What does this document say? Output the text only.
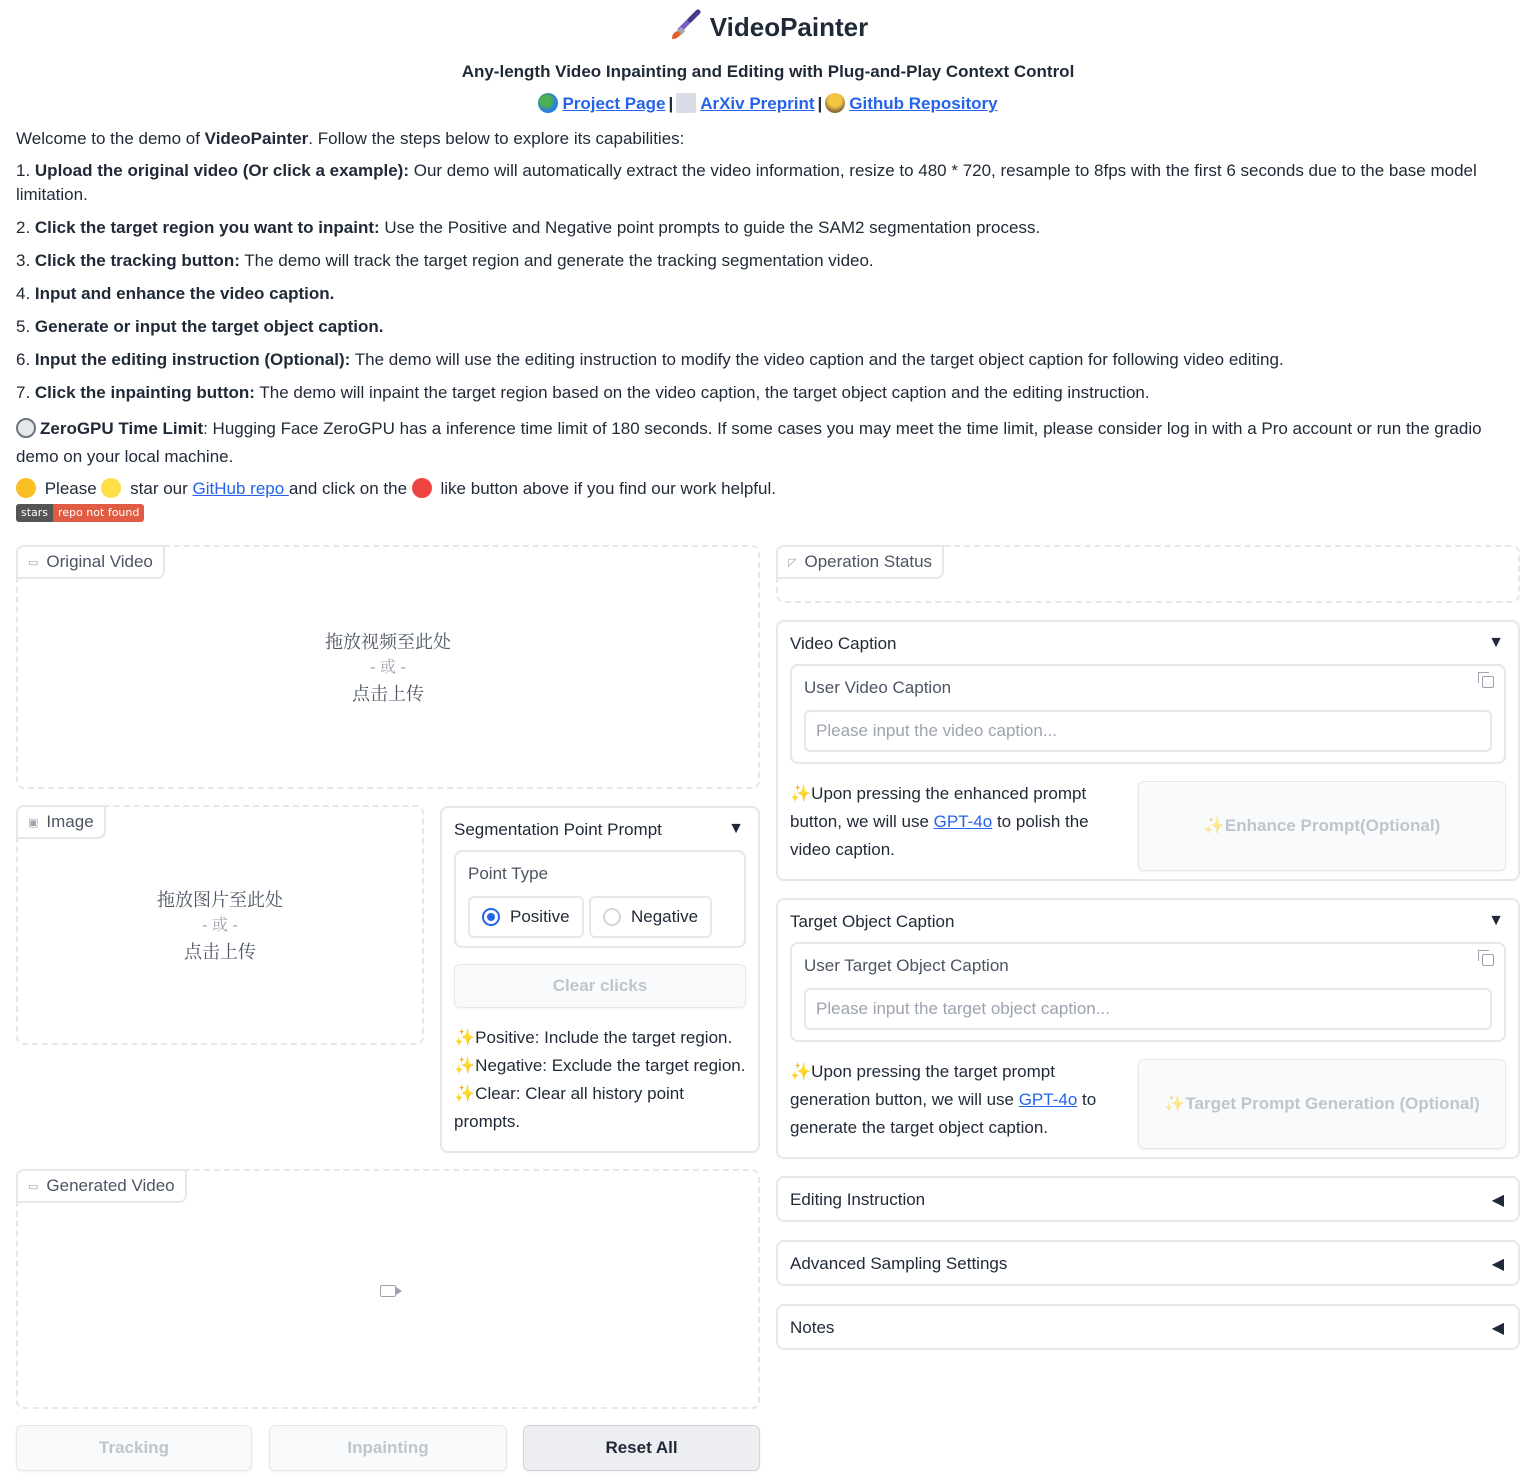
VideoPainter
Any-length Video Inpainting and Editing with Plug-and-Play Context Control
Project Page | ArXiv Preprint | Github Repository
Welcome to the demo of VideoPainter. Follow the steps below to explore its capabilities:
1. Upload the original video (Or click a example): Our demo will automatically extract the video information, resize to 480 * 720, resample to 8fps with the first 6 seconds due to the base model limitation.
2. Click the target region you want to inpaint: Use the Positive and Negative point prompts to guide the SAM2 segmentation process.
3. Click the tracking button: The demo will track the target region and generate the tracking segmentation video.
4. Input and enhance the video caption.
5. Generate or input the target object caption.
6. Input the editing instruction (Optional): The demo will use the editing instruction to modify the video caption and the target object caption for following video editing.
7. Click the inpainting button: The demo will inpaint the target region based on the video caption, the target object caption and the editing instruction.
ZeroGPU Time Limit: Hugging Face ZeroGPU has a inference time limit of 180 seconds. If some cases you may meet the time limit, please consider log in with a Pro account or run the gradio demo on your local machine.
Please  star our GitHub repo and click on the  like button above if you find our work helpful.
stars repo not found
▭ Original Video
拖放视频至此处
- 或 -
点击上传
▣ Image
拖放图片至此处
- 或 -
点击上传
Segmentation Point Prompt	▼
Point Type
Positive	Negative
Clear clicks
✨Positive: Include the target region.
✨Negative: Exclude the target region.
✨Clear: Clear all history point prompts.
▭ Generated Video
Tracking	Inpainting	Reset All
◸ Operation Status
Video Caption	▼
User Video Caption
Please input the video caption...
✨Upon pressing the enhanced prompt button, we will use GPT-4o to polish the video caption.
✨ Enhance Prompt(Optional)
Target Object Caption	▼
User Target Object Caption
Please input the target object caption...
✨Upon pressing the target prompt generation button, we will use GPT-4o to generate the target object caption.
✨ Target Prompt Generation (Optional)
Editing Instruction	◀
Advanced Sampling Settings	◀
Notes	◀
